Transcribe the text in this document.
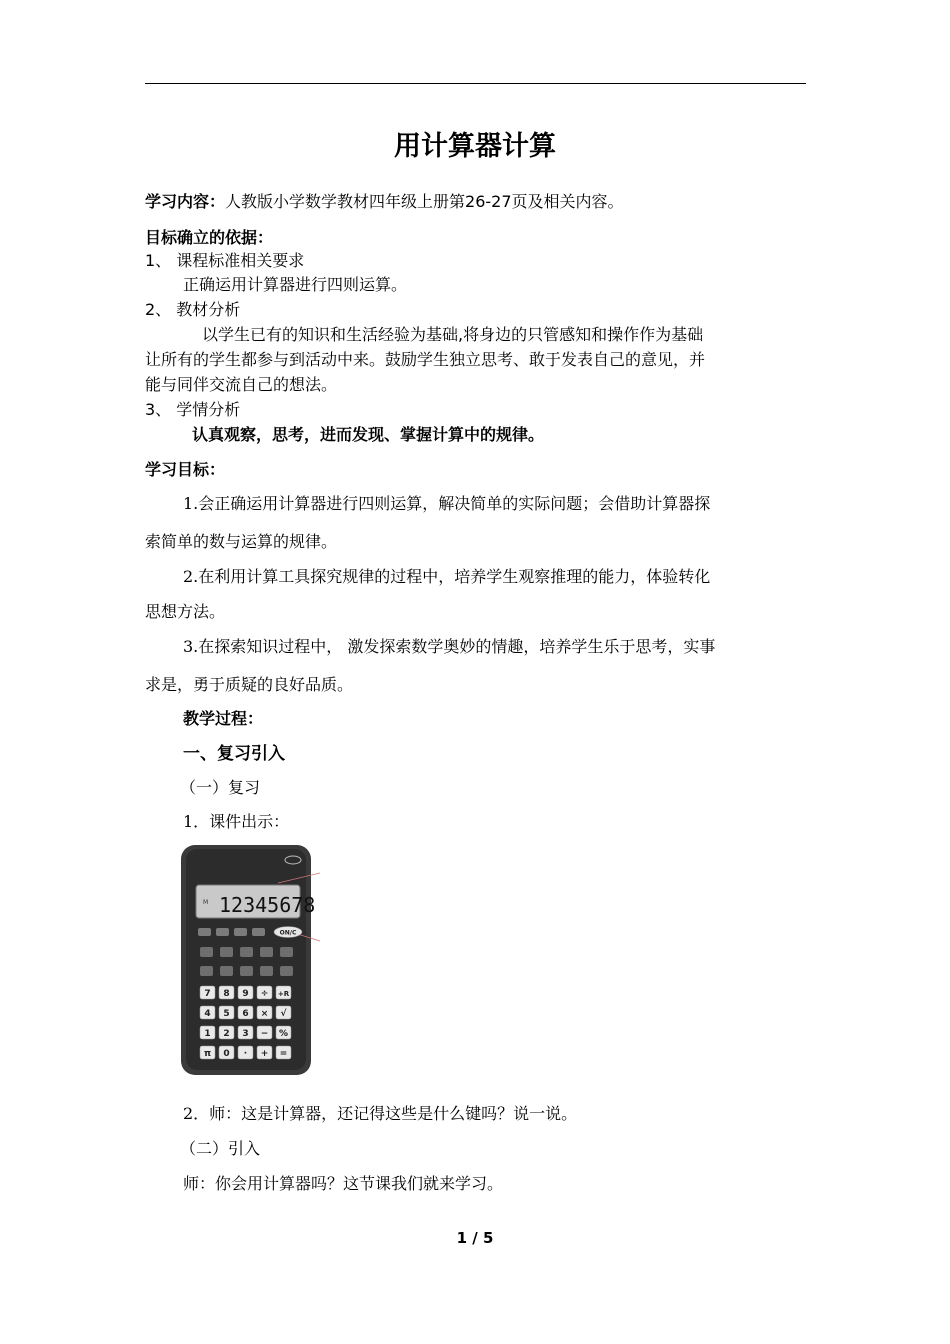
用计算器计算
学习内容：人教版小学数学教材四年级上册第26-27页及相关内容。
目标确立的依据：
1、 课程标准相关要求
正确运用计算器进行四则运算。
2、 教材分析
以学生已有的知识和生活经验为基础,将身边的只管感知和操作作为基础
让所有的学生都参与到活动中来。鼓励学生独立思考、敢于发表自己的意见，并
能与同伴交流自己的想法。
3、 学情分析
认真观察，思考，进而发现、掌握计算中的规律。
学习目标：
1.会正确运用计算器进行四则运算，解决简单的实际问题；会借助计算器探
索简单的数与运算的规律。
2.在利用计算工具探究规律的过程中，培养学生观察推理的能力，体验转化
思想方法。
3.在探索知识过程中， 激发探索数学奥妙的情趣，培养学生乐于思考，实事
求是，勇于质疑的良好品质。
教学过程：
一、复习引入
（一）复习
1．课件出示：
M 12345678
ON/C
7 8 9 ÷ +R
4 5 6 × √
1 2 3 − %
π 0 · + =
2．师：这是计算器，还记得这些是什么键吗？说一说。
（二）引入
师：你会用计算器吗？这节课我们就来学习。
1 / 5
